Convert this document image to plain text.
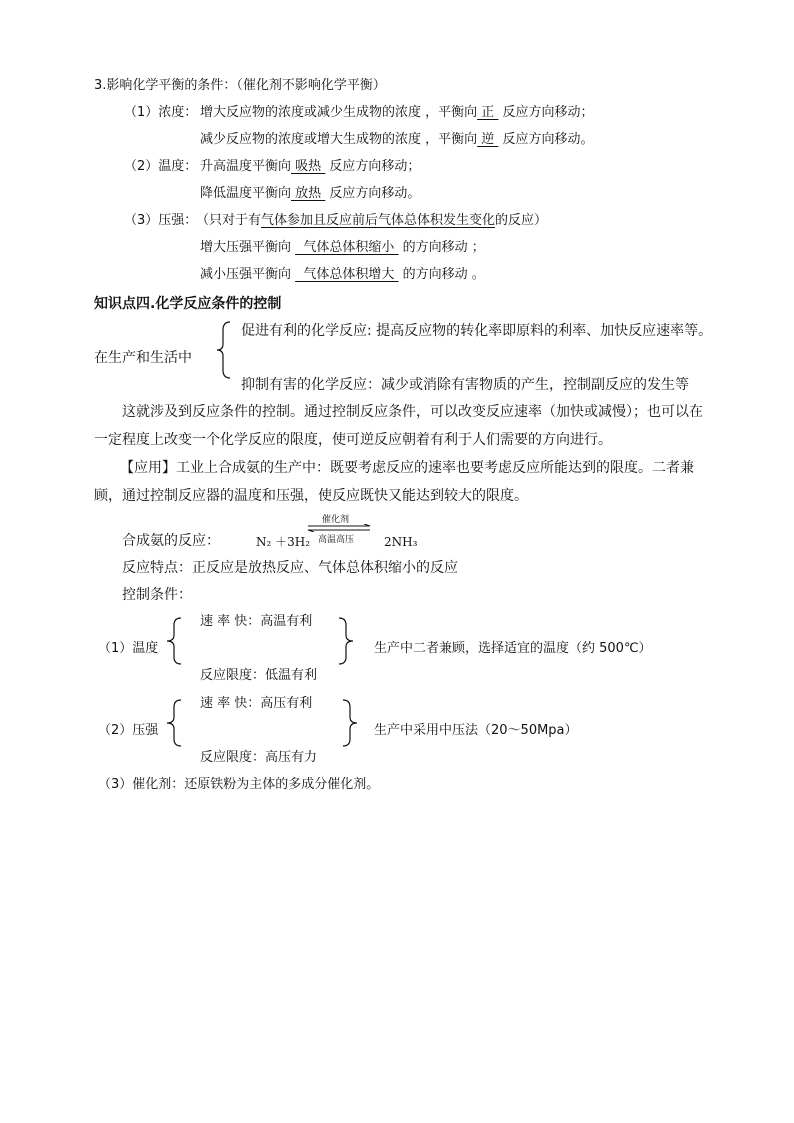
3.影响化学平衡的条件：（催化剂不影响化学平衡）
（1）浓度： 增大反应物的浓度或减少生成物的浓度 ，平衡向 正  反应方向移动；
减少反应物的浓度或增大生成物的浓度 ，平衡向 逆  反应方向移动。
（2）温度： 升高温度平衡向 吸热  反应方向移动；
降低温度平衡向 放热  反应方向移动。
（3）压强：
（只对于有气体参加且反应前后气体总体积发生变化的反应）
增大压强平衡向   气体总体积缩小  的方向移动 ；
减小压强平衡向   气体总体积增大  的方向移动 。
知识点四.化学反应条件的控制
在生产和生活中
促进有利的化学反应: 提高反应物的转化率即原料的利率、加快反应速率等。
抑制有害的化学反应：减少或消除有害物质的产生，控制副反应的发生等
这就涉及到反应条件的控制。通过控制反应条件，可以改变反应速率（加快或减慢）；也可以在
一定程度上改变一个化学反应的限度，使可逆反应朝着有利于人们需要的方向进行。
【应用】工业上合成氨的生产中：既要考虑反应的速率也要考虑反应所能达到的限度。二者兼
顾，通过控制反应器的温度和压强，使反应既快又能达到较大的限度。
合成氨的反应：	N₂ ＋3H₂
催化剂
高温高压 2NH₃
反应特点：正反应是放热反应、气体总体积缩小的反应
控制条件：
速 率 快：高温有利
（1）温度	生产中二者兼顾，选择适宜的温度（约 500℃）
反应限度：低温有利
速 率 快：高压有利
（2）压强	生产中采用中压法（20～50Mpa）
反应限度：高压有力
（3）催化剂：还原铁粉为主体的多成分催化剂。
